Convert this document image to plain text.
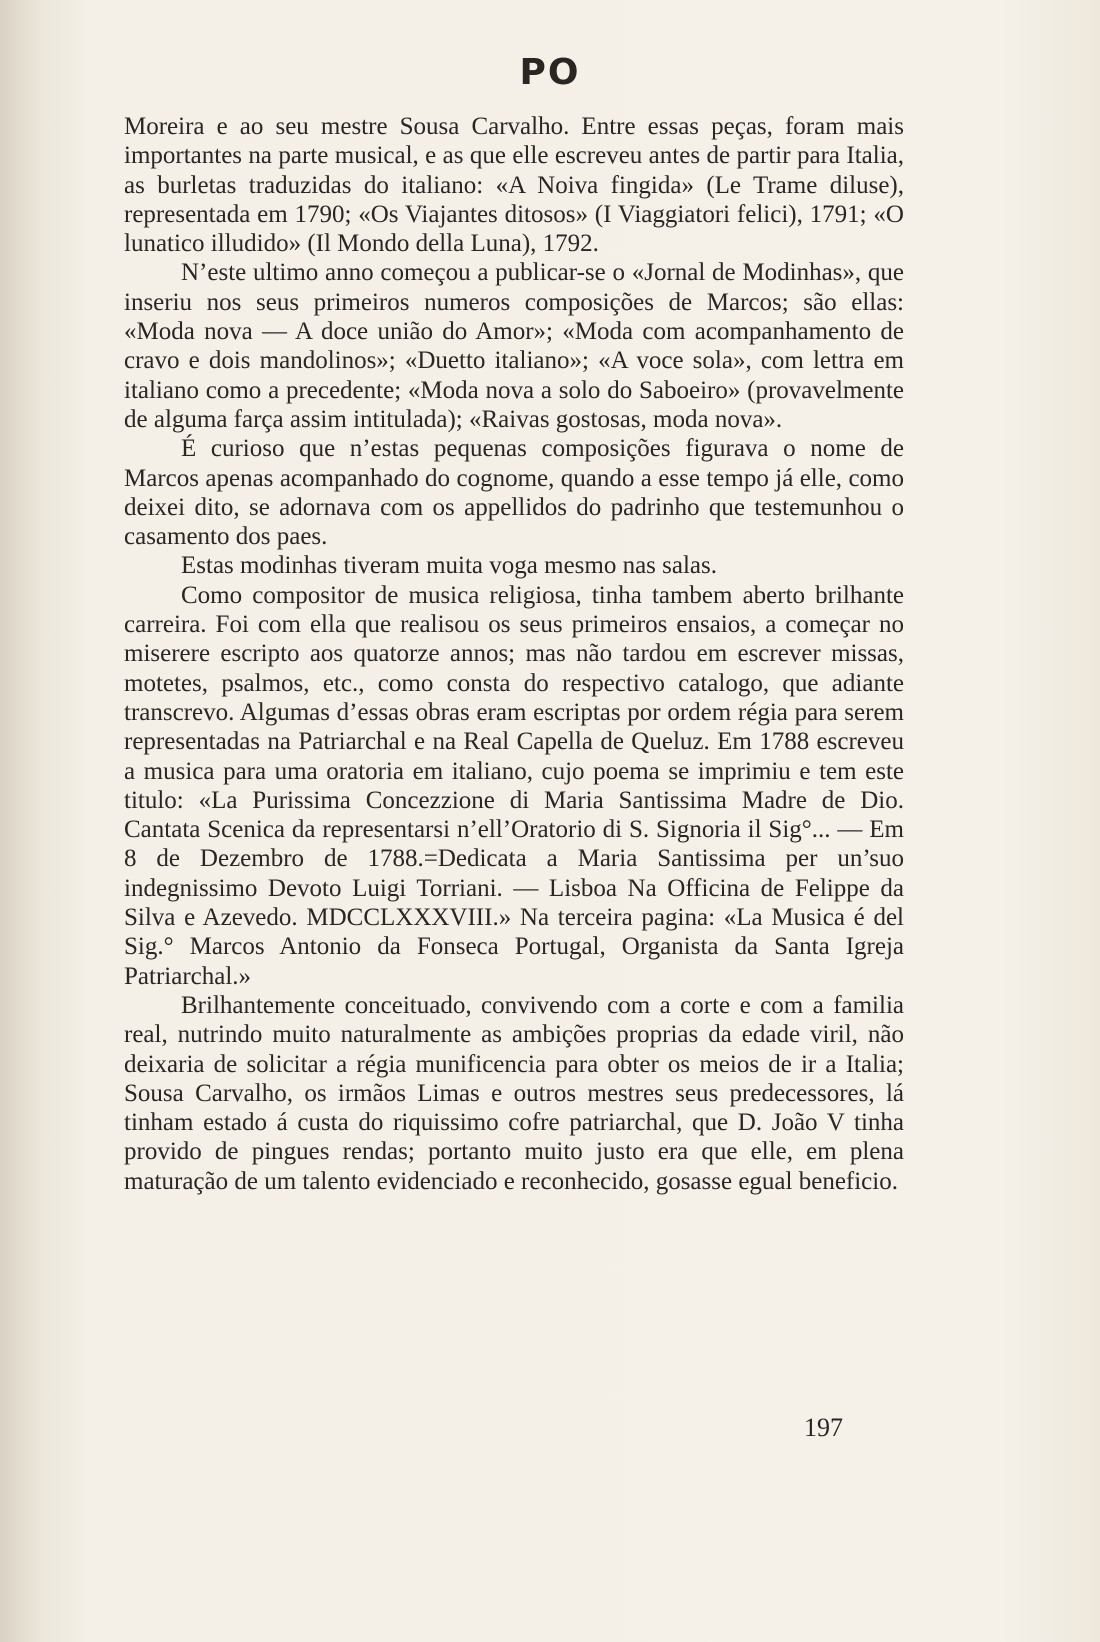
PO

Moreira e ao seu mestre Sousa Carvalho. Entre essas peças, foram mais importantes na parte musical, e as que elle escreveu antes de partir para Italia, as burletas traduzidas do italiano: «A Noiva fingida» (Le Trame diluse), representada em 1790; «Os Viajantes ditosos» (I Viaggiatori felici), 1791; «O lunatico illudido» (Il Mondo della Luna), 1792.

N’este ultimo anno começou a publicar-se o «Jornal de Modinhas», que inseriu nos seus primeiros numeros composições de Marcos; são ellas: «Moda nova — A doce união do Amor»; «Moda com acompanhamento de cravo e dois mandolinos»; «Duetto italiano»; «A voce sola», com lettra em italiano como a precedente; «Moda nova a solo do Saboeiro» (provavelmente de alguma farça assim intitulada); «Raivas gostosas, moda nova».

É curioso que n’estas pequenas composições figurava o nome de Marcos apenas acompanhado do cognome, quando a esse tempo já elle, como deixei dito, se adornava com os appellidos do padrinho que testemunhou o casamento dos paes.

Estas modinhas tiveram muita voga mesmo nas salas.

Como compositor de musica religiosa, tinha tambem aberto brilhante carreira. Foi com ella que realisou os seus primeiros ensaios, a começar no miserere escripto aos quatorze annos; mas não tardou em escrever missas, motetes, psalmos, etc., como consta do respectivo catalogo, que adiante transcrevo. Algumas d’essas obras eram escriptas por ordem régia para serem representadas na Patriarchal e na Real Capella de Queluz. Em 1788 escreveu a musica para uma oratoria em italiano, cujo poema se imprimiu e tem este titulo: «La Purissima Concezzione di Maria Santissima Madre de Dio. Cantata Scenica da representarsi n’ell’Oratorio di S. Signoria il Sig°... — Em 8 de Dezembro de 1788.=Dedicata a Maria Santissima per un’suo indegnissimo Devoto Luigi Torriani. — Lisboa Na Officina de Felippe da Silva e Azevedo. MDCCLXXXVIII.» Na terceira pagina: «La Musica é del Sig.° Marcos Antonio da Fonseca Portugal, Organista da Santa Igreja Patriarchal.»

Brilhantemente conceituado, convivendo com a corte e com a familia real, nutrindo muito naturalmente as ambições proprias da edade viril, não deixaria de solicitar a régia munificencia para obter os meios de ir a Italia; Sousa Carvalho, os irmãos Limas e outros mestres seus predecessores, lá tinham estado á custa do riquissimo cofre patriarchal, que D. João V tinha provido de pingues rendas; portanto muito justo era que elle, em plena maturação de um talento evidenciado e reconhecido, gosasse egual beneficio.

197
